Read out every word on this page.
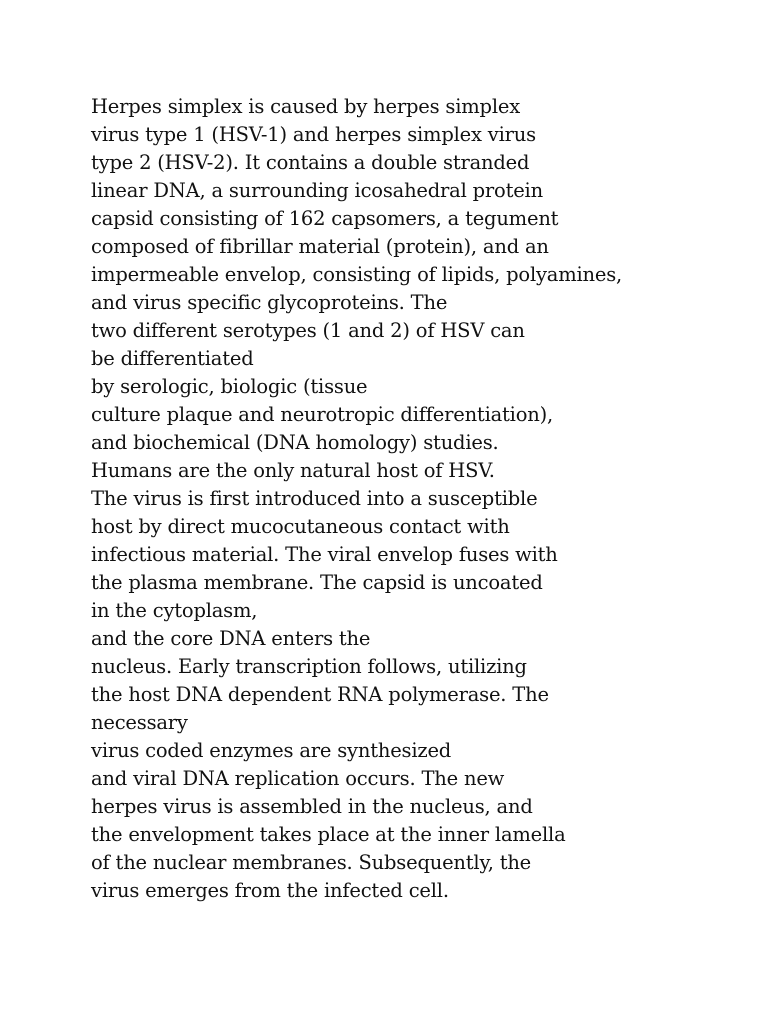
Herpes simplex is caused by herpes simplex
virus type 1 (HSV-1) and herpes simplex virus
type 2 (HSV-2). It contains a double stranded
linear DNA, a surrounding icosahedral protein
capsid consisting of 162 capsomers, a tegument
composed of fibrillar material (protein), and an
impermeable envelop, consisting of lipids, polyamines,
and virus specific glycoproteins. The
two different serotypes (1 and 2) of HSV can
be differentiated
by serologic, biologic (tissue
culture plaque and neurotropic differentiation),
and biochemical (DNA homology) studies.
Humans are the only natural host of HSV.
The virus is first introduced into a susceptible
host by direct mucocutaneous contact with
infectious material. The viral envelop fuses with
the plasma membrane. The capsid is uncoated
in the cytoplasm,
and the core DNA enters the
nucleus. Early transcription follows, utilizing
the host DNA dependent RNA polymerase. The
necessary
virus coded enzymes are synthesized
and viral DNA replication occurs. The new
herpes virus is assembled in the nucleus, and
the envelopment takes place at the inner lamella
of the nuclear membranes. Subsequently, the
virus emerges from the infected cell.
